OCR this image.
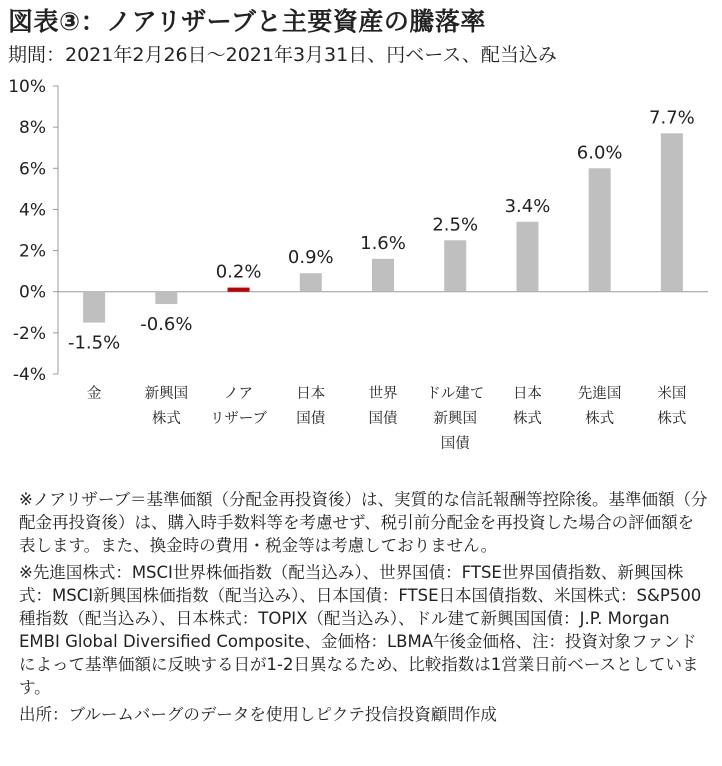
図表③：ノアリザーブと主要資産の騰落率
期間：2021年2月26日～2021年3月31日、円ベース、配当込み
-4%
-2%
0%
2%
4%
6%
8%
10%
-1.5%
金
-0.6%
新興国
株式
0.2%
ノア
リザーブ
0.9%
日本
国債
1.6%
世界
国債
2.5%
ドル建て
新興国
国債
3.4%
日本
株式
6.0%
先進国
株式
7.7%
米国
株式

※ノアリザーブ＝基準価額（分配金再投資後）は、実質的な信託報酬等控除後。基準価額（分配金再投資後）は、購入時手数料等を考慮せず、税引前分配金を再投資した場合の評価額を表します。また、換金時の費用・税金等は考慮しておりません。

※先進国株式：MSCI世界株価指数（配当込み）、世界国債：FTSE世界国債指数、新興国株式：MSCI新興国株価指数（配当込み）、日本国債：FTSE日本国債指数、米国株式：S&P500種指数（配当込み）、日本株式：TOPIX（配当込み）、ドル建て新興国国債：J.P. Morgan EMBI Global Diversified Composite、金価格：LBMA午後金価格、注：投資対象ファンドによって基準価額に反映する日が1-2日異なるため、比較指数は1営業日前ベースとしています。

出所：ブルームバーグのデータを使用しピクテ投信投資顧問作成
